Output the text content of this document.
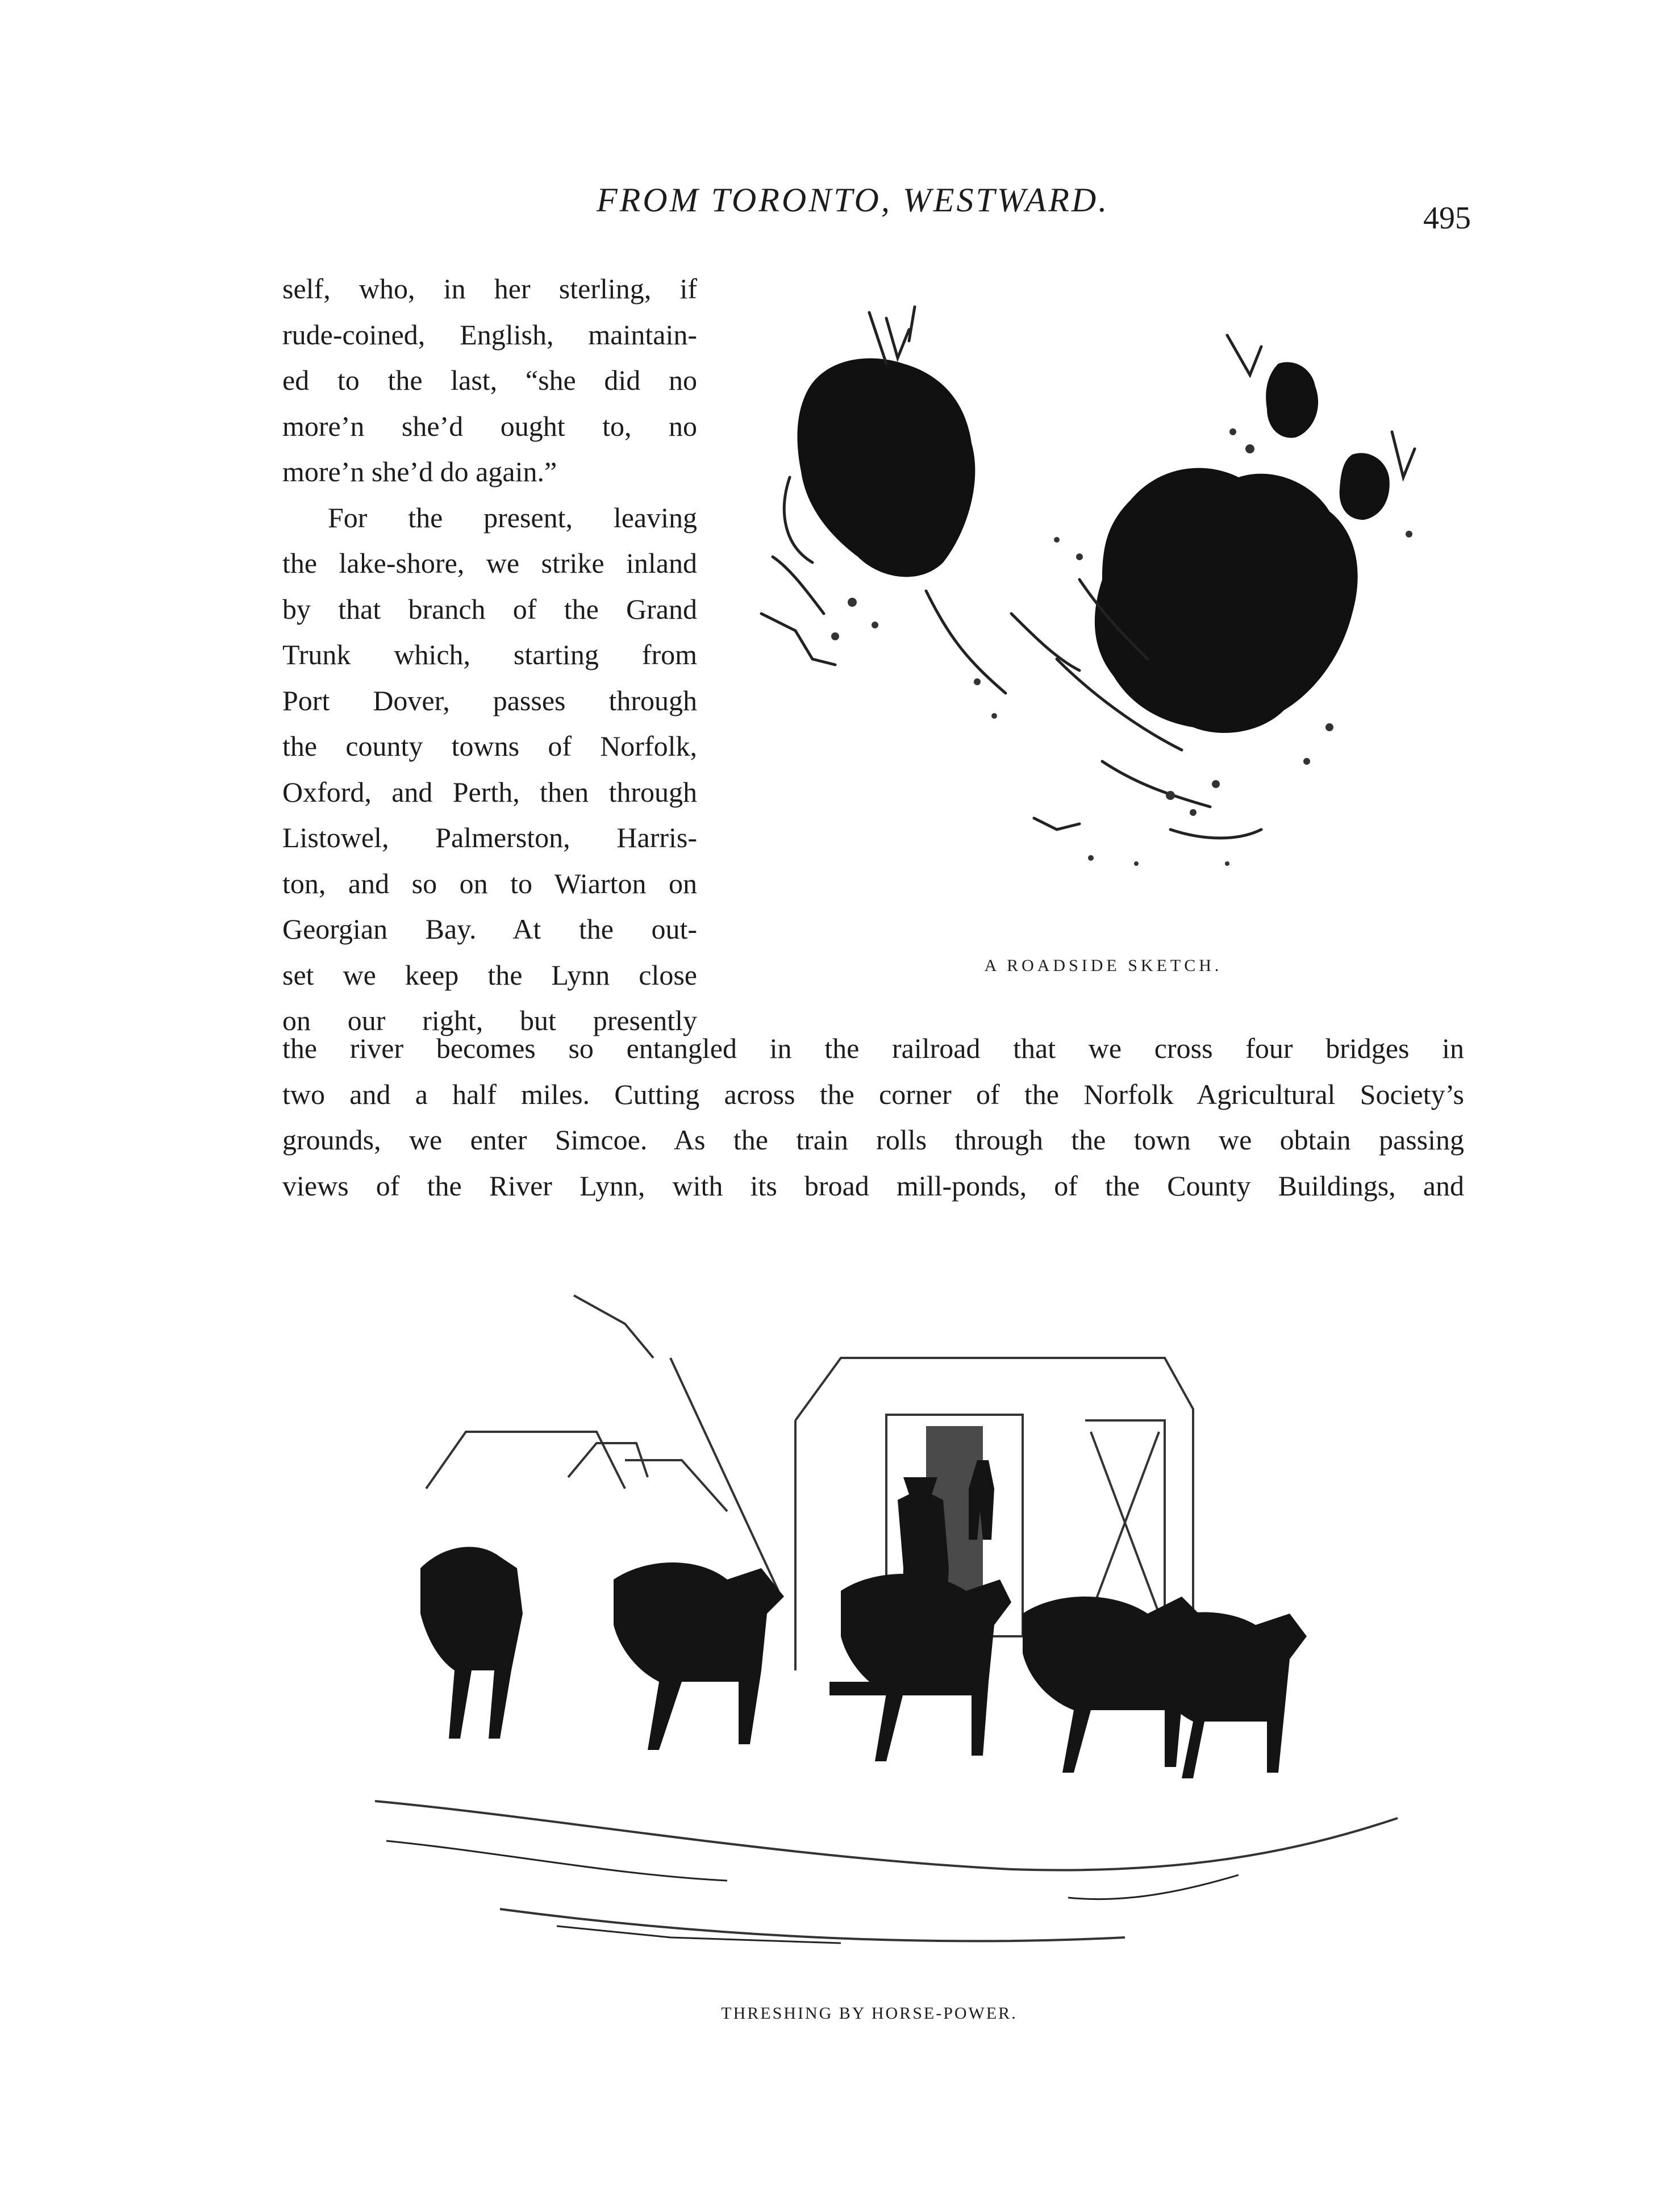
FROM TORONTO, WESTWARD.	495
self, who, in her sterling, if
rude-coined, English, maintain-
ed to the last, “she did no
more’n she’d ought to, no
more’n she’d do again.”
For the present, leaving
the lake-shore, we strike inland
by that branch of the Grand
Trunk which, starting from
Port Dover, passes through
the county towns of Norfolk,
Oxford, and Perth, then through
Listowel, Palmerston, Harris-
ton, and so on to Wiarton on
Georgian Bay. At the out-
set we keep the Lynn close
on our right, but presently
the river becomes so entangled in the railroad that we cross four bridges in
two and a half miles. Cutting across the corner of the Norfolk Agricultural Society’s
grounds, we enter Simcoe. As the train rolls through the town we obtain passing
views of the River Lynn, with its broad mill-ponds, of the County Buildings, and
A ROADSIDE SKETCH.
THRESHING BY HORSE-POWER.
